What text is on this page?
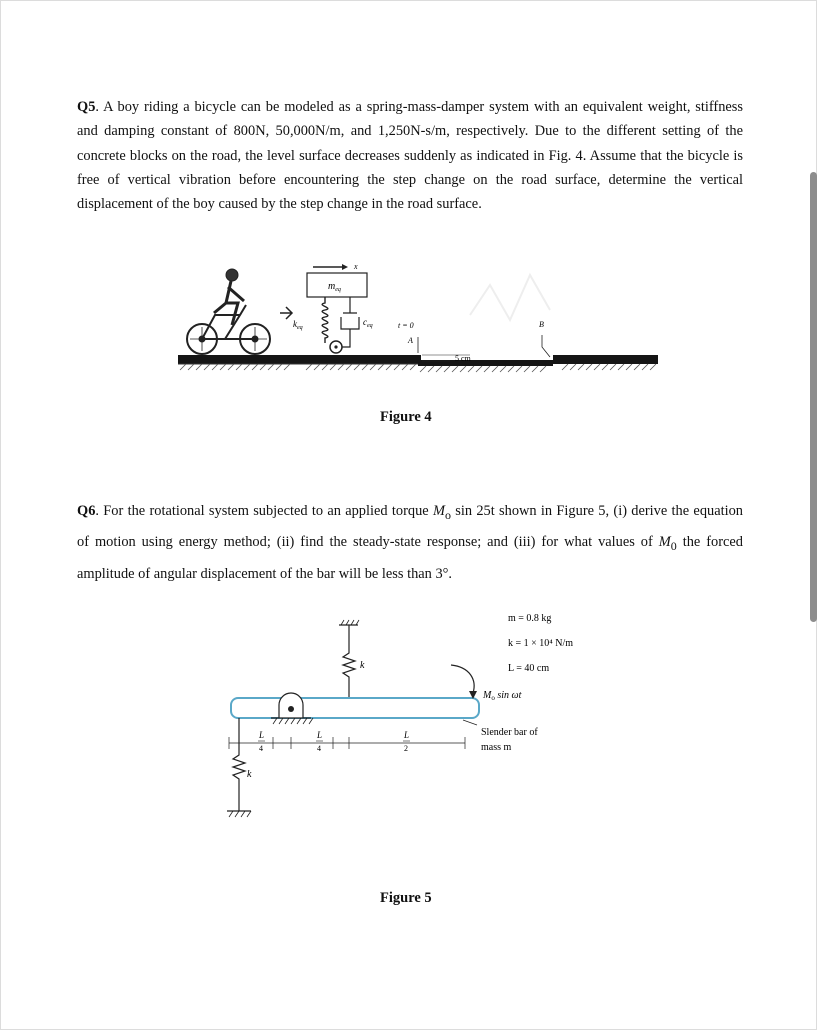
Q5. A boy riding a bicycle can be modeled as a spring-mass-damper system with an equivalent weight, stiffness and damping constant of 800N, 50,000N/m, and 1,250N-s/m, respectively. Due to the different setting of the concrete blocks on the road, the level surface decreases suddenly as indicated in Fig. 4. Assume that the bicycle is free of vertical vibration before encountering the step change on the road surface, determine the vertical displacement of the boy caused by the step change in the road surface.
x
$m_{eq}$
$k_{eq}$
$c_{eq}$	t = 0
A
5 cm
B
Figure 4
Q6. For the rotational system subjected to an applied torque $M_o$ sin 25t shown in Figure 5, (i) derive the equation of motion using energy method; (ii) find the steady-state response; and (iii) for what values of $M_0$ the forced amplitude of angular displacement of the bar will be less than 3°.
m = 0.8 kg
k = 1 × 10⁴ N/m
L = 40 cm
k
L
4
L
4
L
2
k
$M_o$ sin ωt
Slender bar of
mass m
Figure 5
